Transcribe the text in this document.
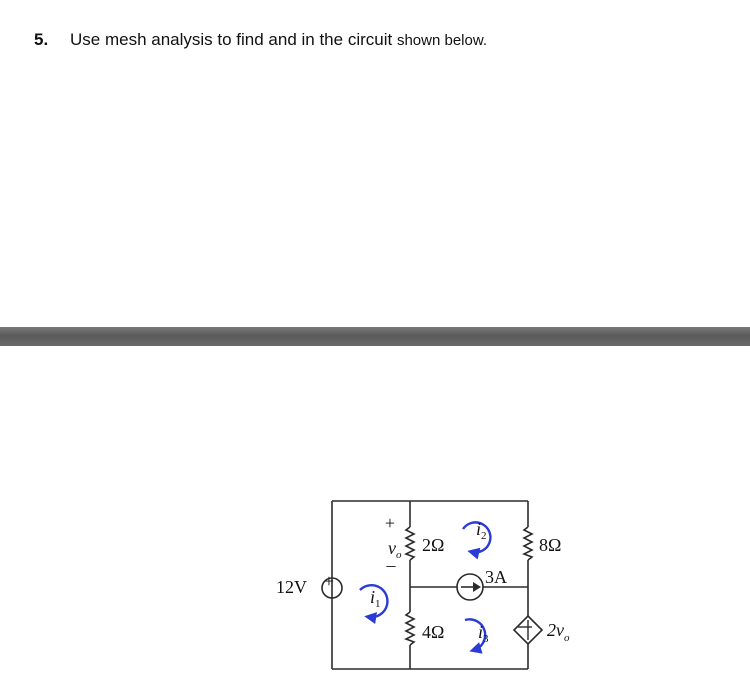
5. Use mesh analysis to find and in the circuit shown below.
+
12V
2Ω	8Ω
4Ω
3A
$2v_o$
+
$v_o$
–
$i_1$
$i_2$
$i_3$
